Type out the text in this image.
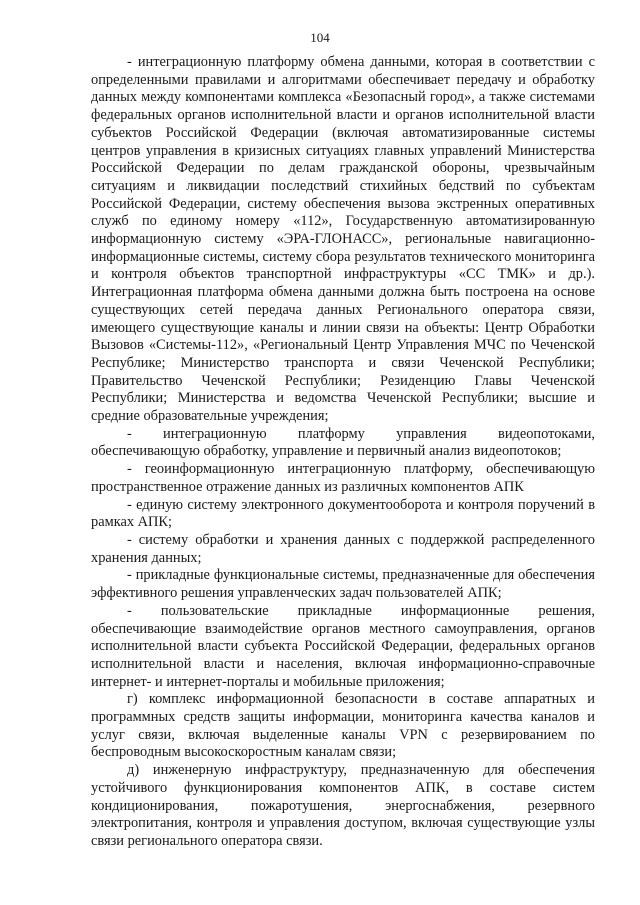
104

- интеграционную платформу обмена данными, которая в соответствии с определенными правилами и алгоритмами обеспечивает передачу и обработку данных между компонентами комплекса «Безопасный город», а также системами федеральных органов исполнительной власти и органов исполнительной власти субъектов Российской Федерации (включая автоматизированные системы центров управления в кризисных ситуациях главных управлений Министерства Российской Федерации по делам гражданской обороны, чрезвычайным ситуациям и ликвидации последствий стихийных бедствий по субъектам Российской Федерации, систему обеспечения вызова экстренных оперативных служб по единому номеру «112», Государственную автоматизированную информационную систему «ЭРА-ГЛОНАСС», региональные навигационно-информационные системы, систему сбора результатов технического мониторинга и контроля объектов транспортной инфраструктуры «СС ТМК» и др.). Интеграционная платформа обмена данными должна быть построена на основе существующих сетей передача данных Регионального оператора связи, имеющего существующие каналы и линии связи на объекты: Центр Обработки Вызовов «Системы-112», «Региональный Центр Управления МЧС по Чеченской Республике; Министерство транспорта и связи Чеченской Республики; Правительство Чеченской Республики; Резиденцию Главы Чеченской Республики; Министерства и ведомства Чеченской Республики; высшие и средние образовательные учреждения;

- интеграционную платформу управления видеопотоками, обеспечивающую обработку, управление и первичный анализ видеопотоков;

- геоинформационную интеграционную платформу, обеспечивающую пространственное отражение данных из различных компонентов АПК

- единую систему электронного документооборота и контроля поручений в рамках АПК;

- систему обработки и хранения данных с поддержкой распределенного хранения данных;

- прикладные функциональные системы, предназначенные для обеспечения эффективного решения управленческих задач пользователей АПК;

- пользовательские прикладные информационные решения, обеспечивающие взаимодействие органов местного самоуправления, органов исполнительной власти субъекта Российской Федерации, федеральных органов исполнительной власти и населения, включая информационно-справочные интернет- и интернет-порталы и мобильные приложения;

г) комплекс информационной безопасности в составе аппаратных и программных средств защиты информации, мониторинга качества каналов и услуг связи, включая выделенные каналы VPN с резервированием по беспроводным высокоскоростным каналам связи;

д) инженерную инфраструктуру, предназначенную для обеспечения устойчивого функционирования компонентов АПК, в составе систем кондиционирования, пожаротушения, энергоснабжения, резервного электропитания, контроля и управления доступом, включая существующие узлы связи регионального оператора связи.
